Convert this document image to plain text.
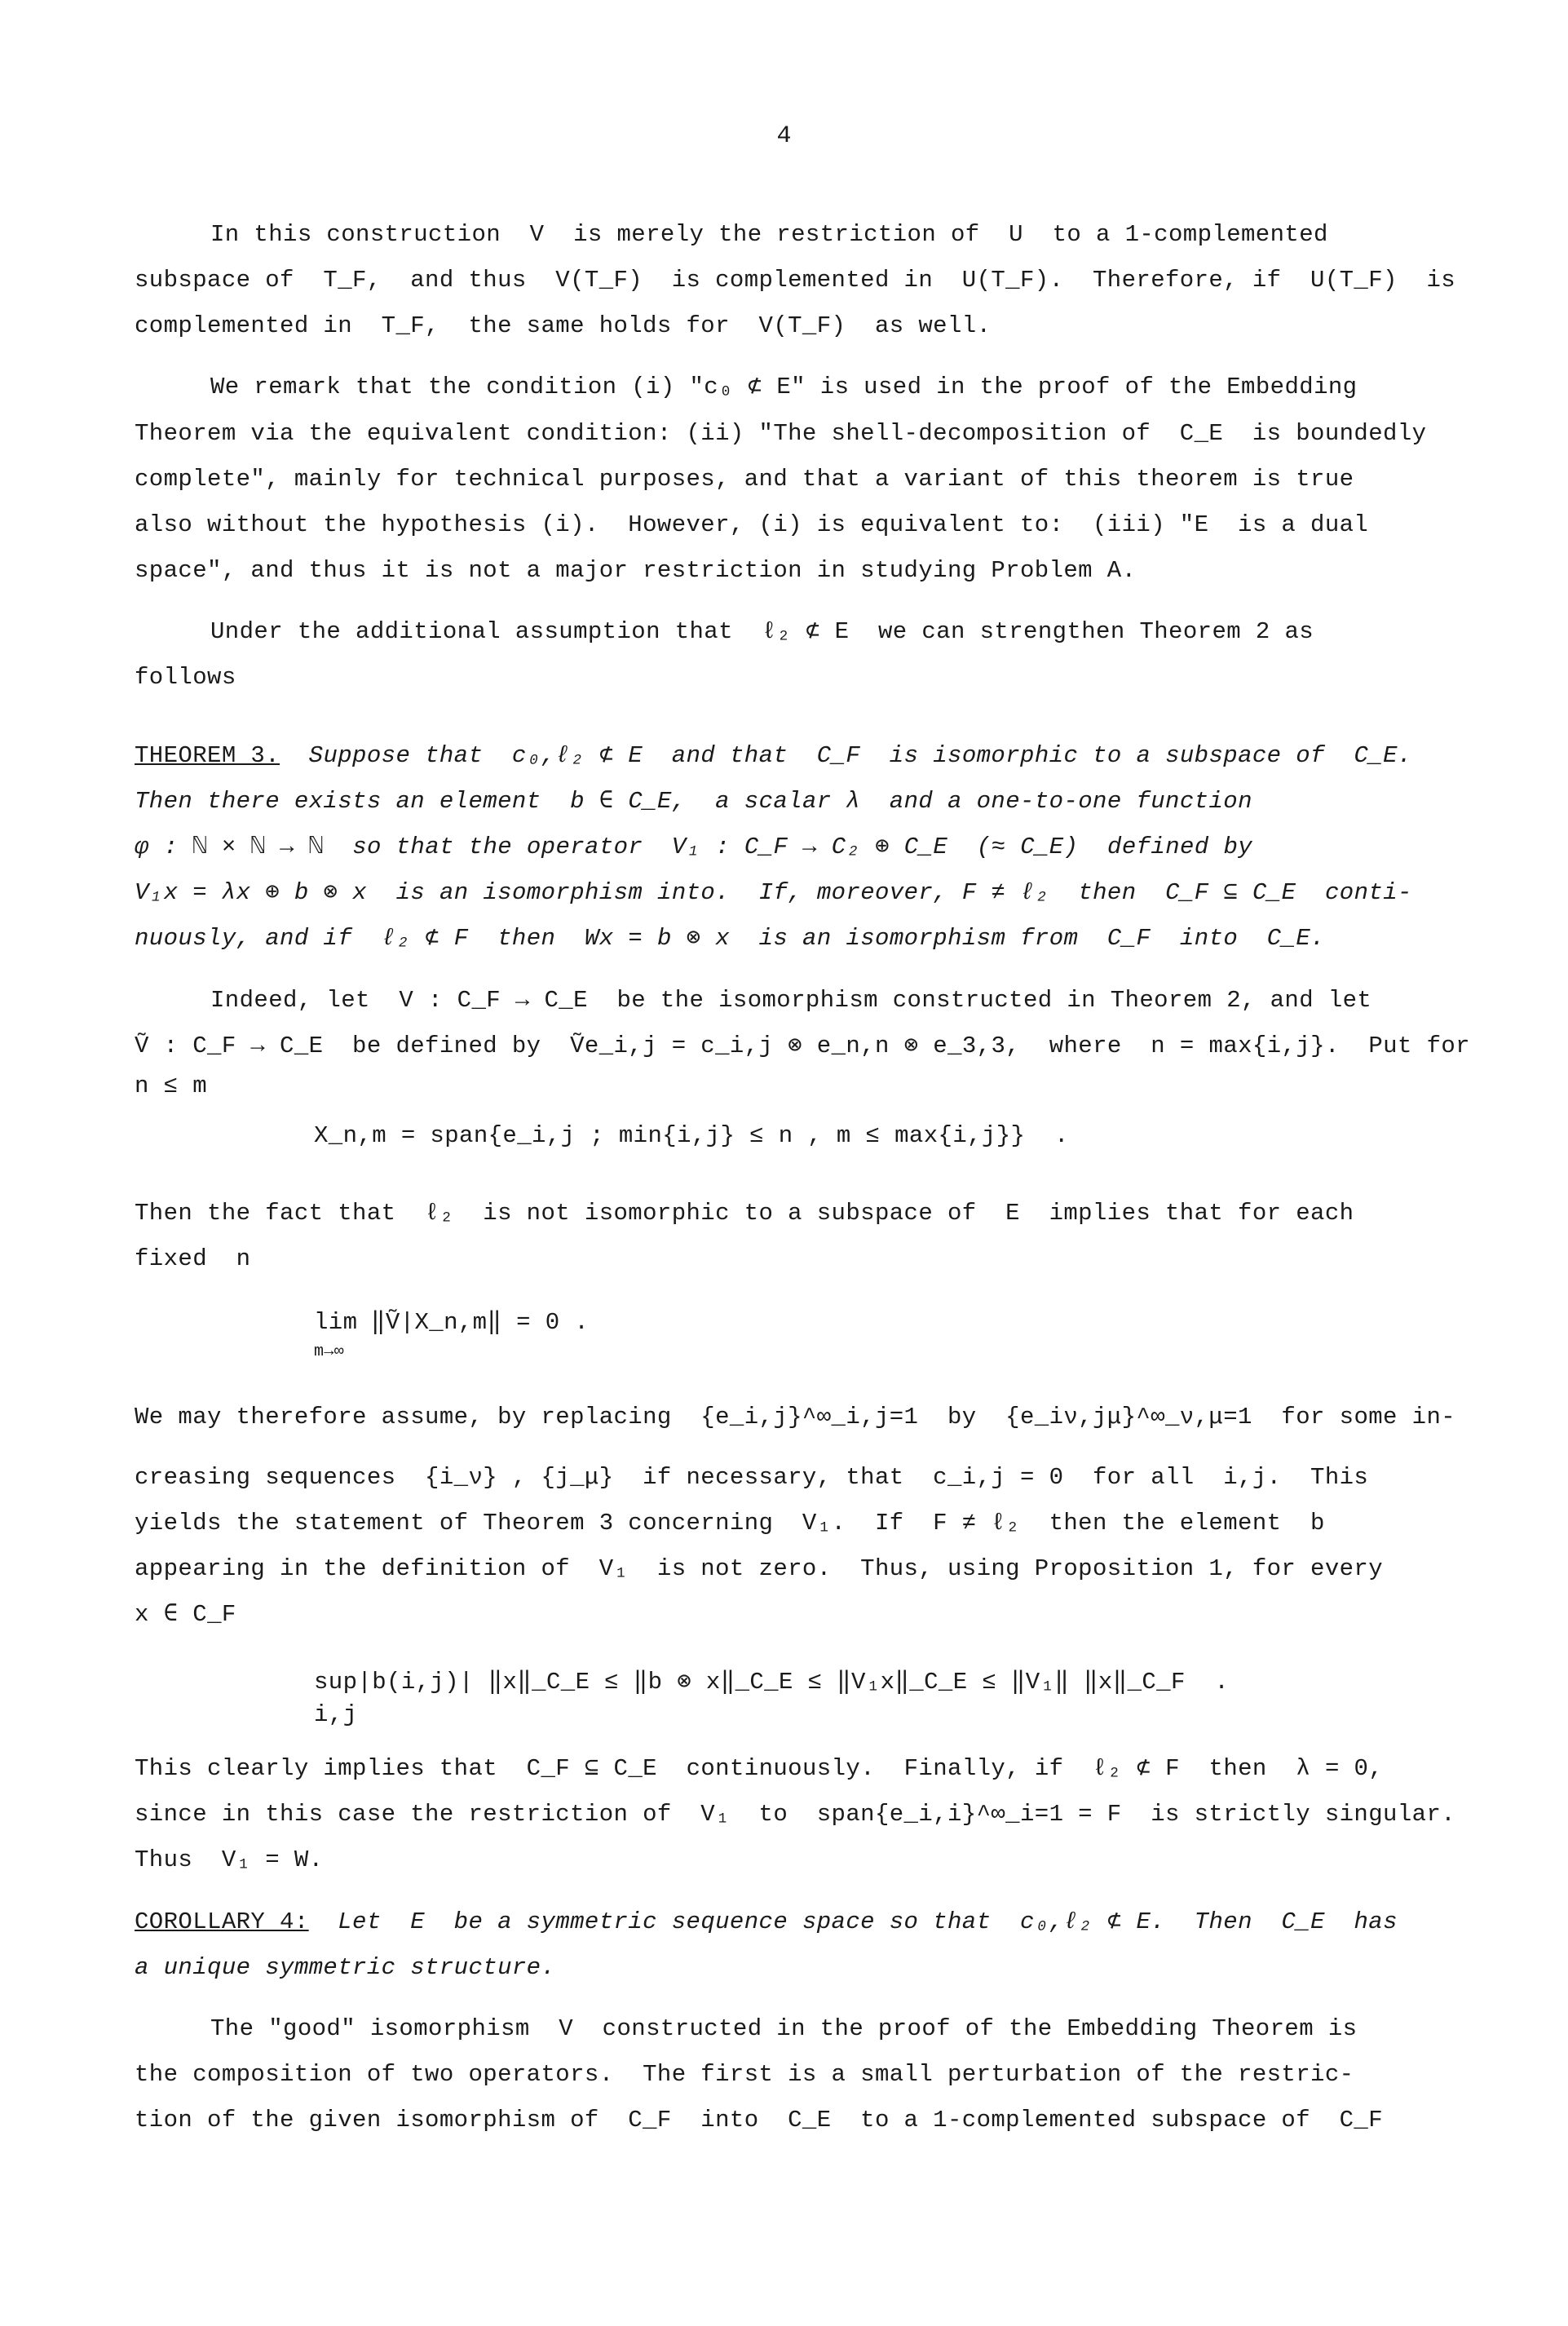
4
In this construction  V  is merely the restriction of  U  to a 1-complemented
subspace of  T_F,  and thus  V(T_F)  is complemented in  U(T_F).  Therefore, if  U(T_F)  is
complemented in  T_F,  the same holds for  V(T_F)  as well.
We remark that the condition (i) "c₀ ⊄ E" is used in the proof of the Embedding
Theorem via the equivalent condition: (ii) "The shell-decomposition of  C_E  is boundedly
complete", mainly for technical purposes, and that a variant of this theorem is true
also without the hypothesis (i).  However, (i) is equivalent to:  (iii) "E  is a dual
space", and thus it is not a major restriction in studying Problem A.
Under the additional assumption that  ℓ₂ ⊄ E  we can strengthen Theorem 2 as
follows
THEOREM 3. Suppose that  c₀,ℓ₂ ⊄ E  and that  C_F  is isomorphic to a subspace of  C_E.
Then there exists an element  b ∈ C_E,  a scalar λ  and a one-to-one function
φ : ℕ × ℕ → ℕ  so that the operator  V₁ : C_F → C₂ ⊕ C_E  (≈ C_E)  defined by
V₁x = λx ⊕ b ⊗ x  is an isomorphism into.  If, moreover, F ≠ ℓ₂  then  C_F ⊆ C_E  conti-
nuously, and if  ℓ₂ ⊄ F  then  Wx = b ⊗ x  is an isomorphism from  C_F  into  C_E.
Indeed, let  V : C_F → C_E  be the isomorphism constructed in Theorem 2, and let
Ṽ : C_F → C_E  be defined by  Ṽe_i,j = c_i,j ⊗ e_n,n ⊗ e_3,3,  where  n = max{i,j}.  Put for
n ≤ m
X_n,m = span{e_i,j ; min{i,j} ≤ n , m ≤ max{i,j}}  .
Then the fact that  ℓ₂  is not isomorphic to a subspace of  E  implies that for each
fixed  n
lim
m→∞
‖Ṽ|X_n,m‖ = 0 .
We may therefore assume, by replacing  {e_i,j}^∞_i,j=1  by  {e_iν,jμ}^∞_ν,μ=1  for some in-
creasing sequences  {i_ν} , {j_μ}  if necessary, that  c_i,j = 0  for all  i,j.  This
yields the statement of Theorem 3 concerning  V₁.  If  F ≠ ℓ₂  then the element  b
appearing in the definition of  V₁  is not zero.  Thus, using Proposition 1, for every
x ∈ C_F
sup|b(i,j)| ‖x‖_C_E ≤ ‖b ⊗ x‖_C_E ≤ ‖V₁x‖_C_E ≤ ‖V₁‖ ‖x‖_C_F  .
i,j
This clearly implies that  C_F ⊆ C_E  continuously.  Finally, if  ℓ₂ ⊄ F  then  λ = 0,
since in this case the restriction of  V₁  to  span{e_i,i}^∞_i=1 = F  is strictly singular.
Thus  V₁ = W.
COROLLARY 4: Let  E  be a symmetric sequence space so that  c₀,ℓ₂ ⊄ E.  Then  C_E  has
a unique symmetric structure.
The "good" isomorphism  V  constructed in the proof of the Embedding Theorem is
the composition of two operators.  The first is a small perturbation of the restric-
tion of the given isomorphism of  C_F  into  C_E  to a 1-complemented subspace of  C_F
